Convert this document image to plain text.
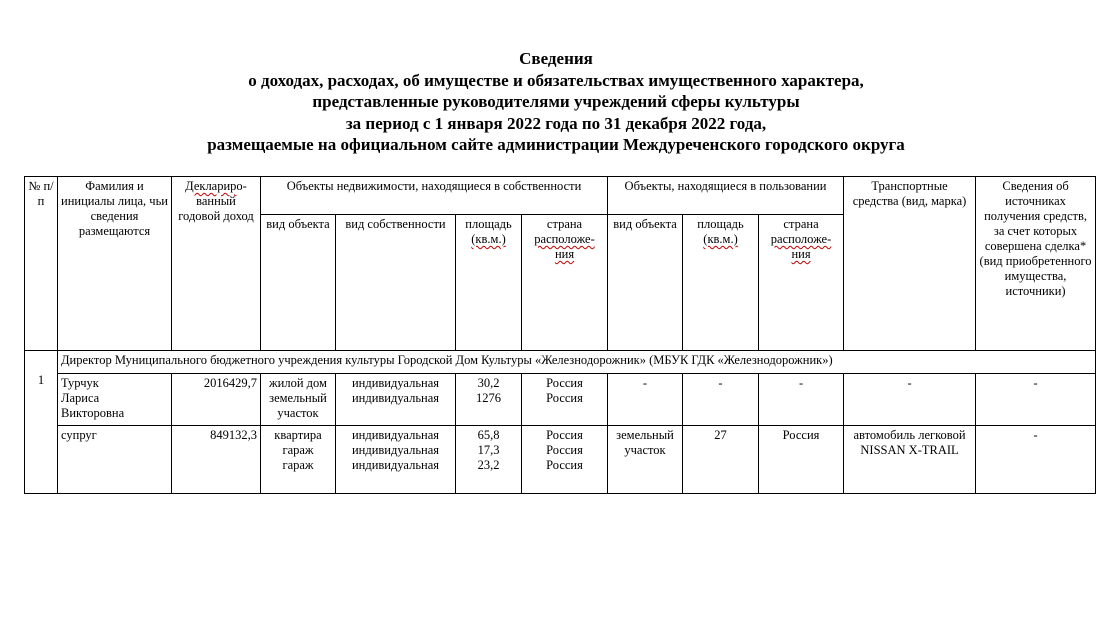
Сведения
о доходах, расходах, об имуществе и обязательствах имущественного характера,
представленные руководителями учреждений сферы культуры
за период с 1 января 2022 года по 31 декабря 2022 года,
размещаемые на официальном сайте администрации Междуреченского городского округа
№ п/п	Фамилия и инициалы лица, чьи сведения размещаются	Деклариро-ванный годовой доход	Объекты недвижимости, находящиеся в собственности				Объекты, находящиеся в пользовании			Транспортные средства (вид, марка)	Сведения об источниках получения средств, за счет которых совершена сделка* (вид приобретенного имущества, источники)
			вид объекта	вид собственности	площадь
(кв.м.)	страна
расположе-
ния	вид объекта	площадь
(кв.м.)	страна
расположе-
ния		

1	Директор Муниципального бюджетного учреждения культуры Городской Дом Культуры «Железнодорожник» (МБУК ГДК «Железнодорожник»)										

	Турчук
Лариса
Викторовна	2016429,7	жилой дом
земельный
участок	индивидуальная
индивидуальная	30,2
1276	Россия
Россия	-	-	-	-	-

	супруг	849132,3	квартира
гараж
гараж	индивидуальная
индивидуальная
индивидуальная	65,8
17,3
23,2	Россия
Россия
Россия	земельный
участок	27	Россия	автомобиль легковой
NISSAN X-TRAIL	-
